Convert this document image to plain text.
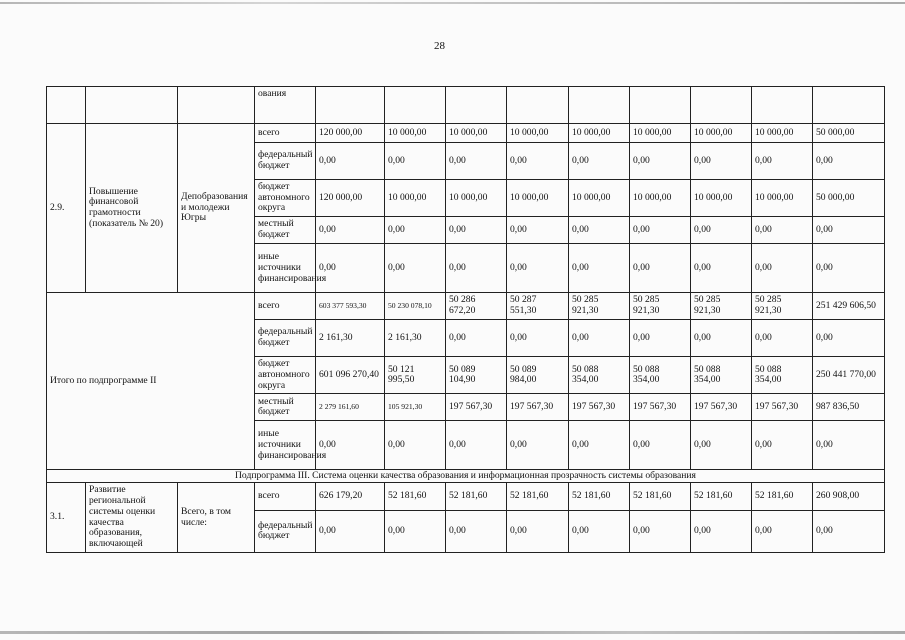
28
			ования									
2.9.	Повышение финансовой грамотности (показатель № 20)	Депобразования и молодежи Югры	всего	120 000,00	10 000,00	10 000,00	10 000,00	10 000,00	10 000,00	10 000,00	10 000,00	50 000,00
			федеральный бюджет	0,00	0,00	0,00	0,00	0,00	0,00	0,00	0,00	0,00
			бюджет автономного округа	120 000,00	10 000,00	10 000,00	10 000,00	10 000,00	10 000,00	10 000,00	10 000,00	50 000,00
			местный бюджет	0,00	0,00	0,00	0,00	0,00	0,00	0,00	0,00	0,00
			иные источники финансирования	0,00	0,00	0,00	0,00	0,00	0,00	0,00	0,00	0,00
Итого по подпрограмме II			всего	603 377 593,30	50 230 078,10	50 286 672,20	50 287 551,30	50 285 921,30	50 285 921,30	50 285 921,30	50 285 921,30	251 429 606,50
			федеральный бюджет	2 161,30	2 161,30	0,00	0,00	0,00	0,00	0,00	0,00	0,00
			бюджет автономного округа	601 096 270,40	50 121 995,50	50 089 104,90	50 089 984,00	50 088 354,00	50 088 354,00	50 088 354,00	50 088 354,00	250 441 770,00
			местный бюджет	2 279 161,60	105 921,30	197 567,30	197 567,30	197 567,30	197 567,30	197 567,30	197 567,30	987 836,50
			иные источники финансирования	0,00	0,00	0,00	0,00	0,00	0,00	0,00	0,00	0,00
Подпрограмма III. Система оценки качества образования и информационная прозрачность системы образования												
3.1.	Развитие региональной системы оценки качества образования, включающей	Всего, в том числе:	всего	626 179,20	52 181,60	52 181,60	52 181,60	52 181,60	52 181,60	52 181,60	52 181,60	260 908,00
			федеральный бюджет	0,00	0,00	0,00	0,00	0,00	0,00	0,00	0,00	0,00
